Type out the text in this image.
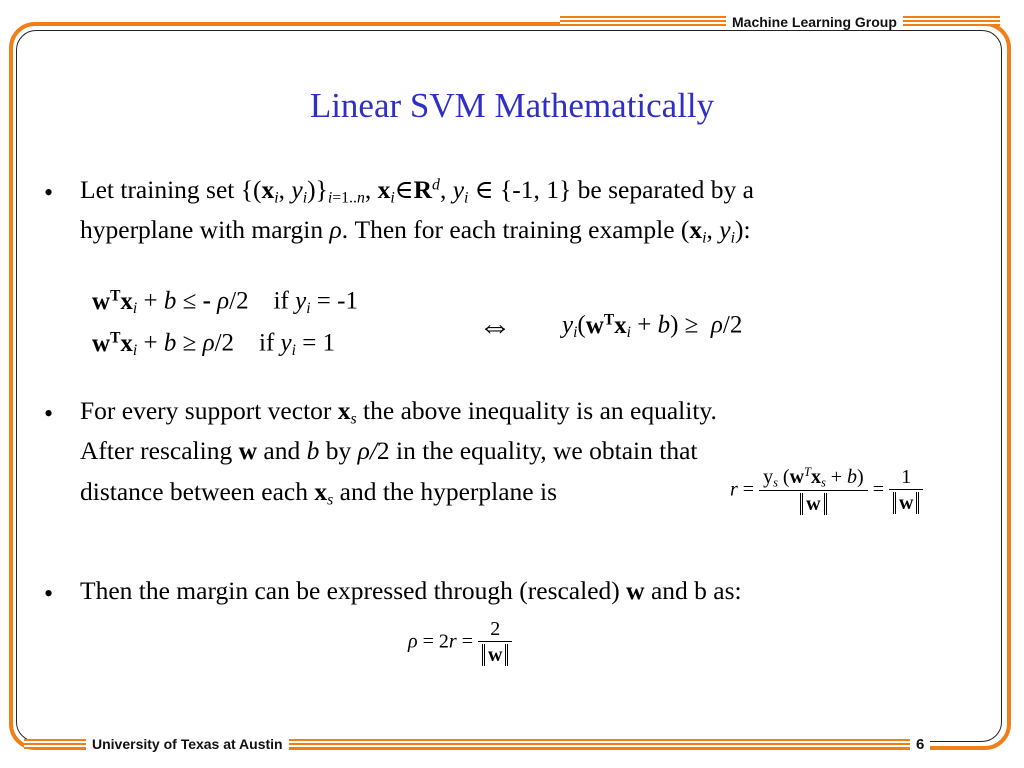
Machine Learning Group
Linear SVM Mathematically
• Let training set {($x_i$, $y_i)\}_{i=1..n}$, $x_i\in R^d$, $y_i$ ∈ {-1, 1} be separated by a
hyperplane with margin ρ. Then for each training example ($x_i$, $y_i$):
$w^Tx_i + b$ ≤ - ρ/2    if $y_i = -1$
$w^Tx_i + b \ge \rho/2$    if $y_i = 1$	⇔ $y_i(w^Tx_i + b) \ge \rho/2$
• For every support vector $x_s$ the above inequality is an equality.
After rescaling w and b by ρ/2 in the equality, we obtain that
distance between each $x_s$ and the hyperplane is	$r = \frac{y_s (w^Tx_s + b)}{w} = \frac{1}{w}$
• Then the margin can be expressed through (rescaled) w and b as:
$\rho = 2r = \frac{2}{w}$
University of Texas at Austin	6
